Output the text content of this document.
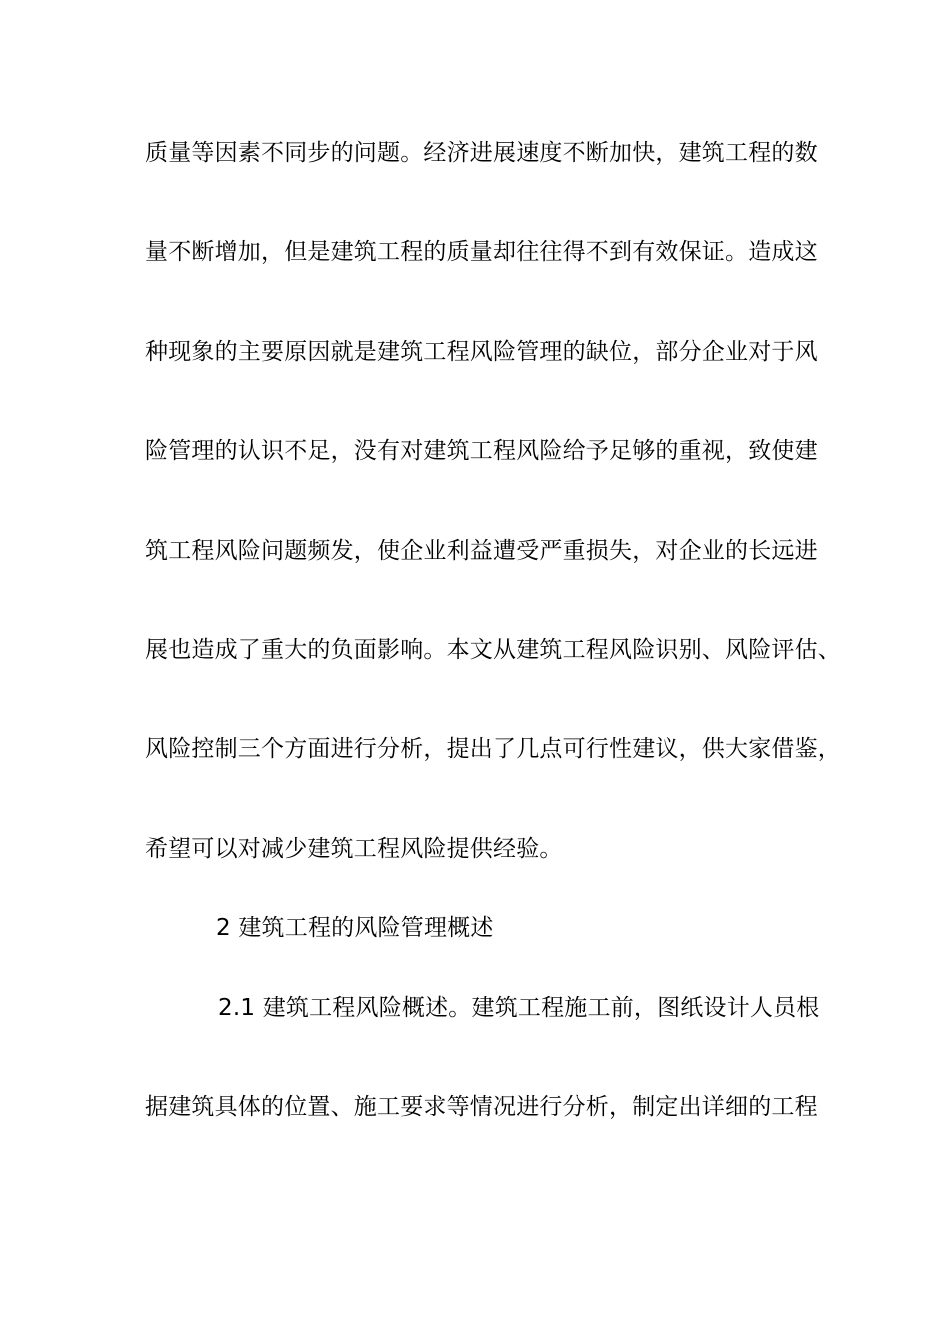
质量等因素不同步的问题。经济进展速度不断加快，建筑工程的数
量不断增加，但是建筑工程的质量却往往得不到有效保证。造成这
种现象的主要原因就是建筑工程风险管理的缺位，部分企业对于风
险管理的认识不足，没有对建筑工程风险给予足够的重视，致使建
筑工程风险问题频发，使企业利益遭受严重损失，对企业的长远进
展也造成了重大的负面影响。本文从建筑工程风险识别、风险评估、
风险控制三个方面进行分析，提出了几点可行性建议，供大家借鉴，
希望可以对减少建筑工程风险提供经验。
2 建筑工程的风险管理概述
2.1 建筑工程风险概述。建筑工程施工前，图纸设计人员根
据建筑具体的位置、施工要求等情况进行分析，制定出详细的工程
